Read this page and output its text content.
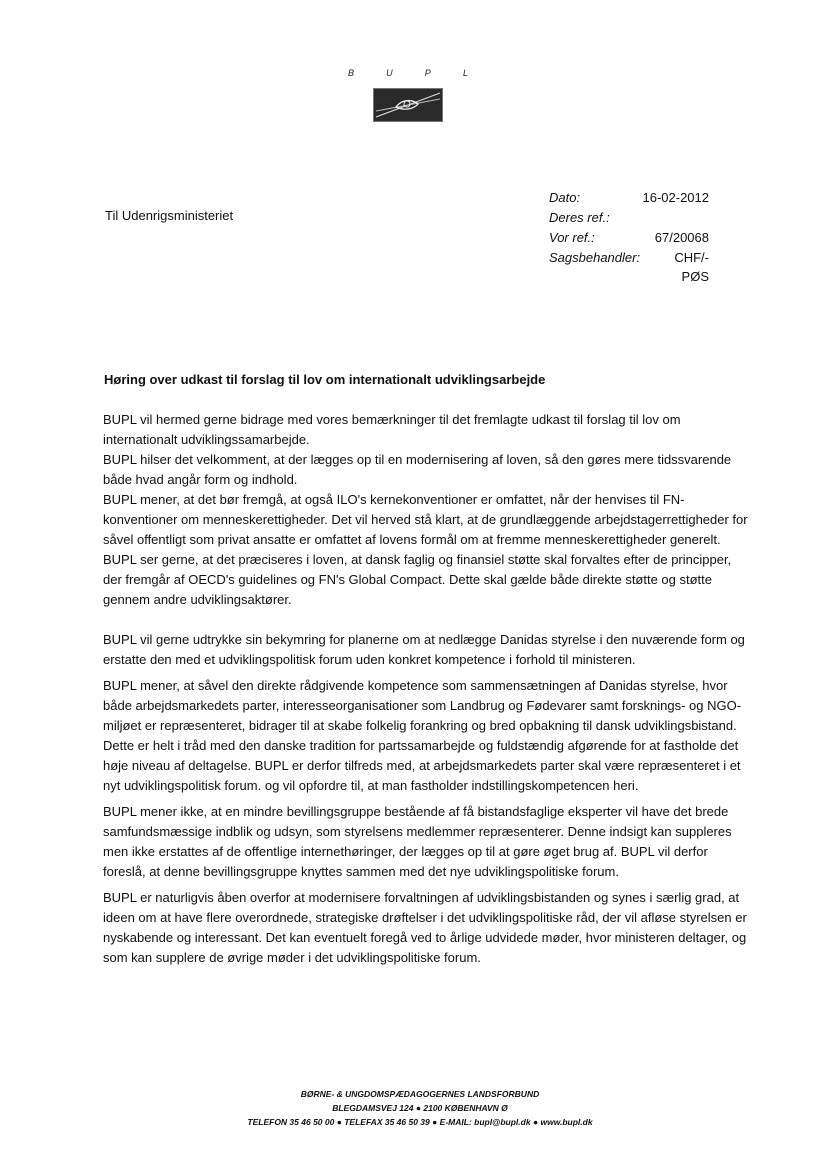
B	U	P	L
Til Udenrigsministeriet
Dato:	16-02-2012
Deres ref.:
Vor ref.:	67/20068
Sagsbehandler:	CHF/-
PØS
Høring over udkast til forslag til lov om internationalt udviklingsarbejde

BUPL vil hermed gerne bidrage med vores bemærkninger til det fremlagte udkast til forslag til lov om internationalt udviklingssamarbejde.

BUPL hilser det velkomment, at der lægges op til en modernisering af loven, så den gøres mere tidssvarende både hvad angår form og indhold.

BUPL mener, at det bør fremgå, at også ILO's kernekonventioner er omfattet, når der henvises til FN-konventioner om menneskerettigheder. Det vil herved stå klart, at de grundlæggende arbejdstagerrettigheder for såvel offentligt som privat ansatte er omfattet af lovens formål om at fremme menneskerettigheder generelt.

BUPL ser gerne, at det præciseres i loven, at dansk faglig og finansiel støtte skal forvaltes efter de principper, der fremgår af OECD's guidelines og FN's Global Compact. Dette skal gælde både direkte støtte og støtte gennem andre udviklingsaktører.

BUPL vil gerne udtrykke sin bekymring for planerne om at nedlægge Danidas styrelse i den nuværende form og erstatte den med et udviklingspolitisk forum uden konkret kompetence i forhold til ministeren.

BUPL mener, at såvel den direkte rådgivende kompetence som sammensætningen af Danidas styrelse, hvor både arbejdsmarkedets parter, interesseorganisationer som Landbrug og Fødevarer samt forsknings- og NGO-miljøet er repræsenteret, bidrager til at skabe folkelig forankring og bred opbakning til dansk udviklingsbistand. Dette er helt i tråd med den danske tradition for partssamarbejde og fuldstændig afgørende for at fastholde det høje niveau af deltagelse. BUPL er derfor tilfreds med, at arbejdsmarkedets parter skal være repræsenteret i et nyt udviklingspolitisk forum. og vil opfordre til, at man fastholder indstillingskompetencen heri.

BUPL mener ikke, at en mindre bevillingsgruppe bestående af få bistandsfaglige eksperter vil have det brede samfundsmæssige indblik og udsyn, som styrelsens medlemmer repræsenterer. Denne indsigt kan suppleres men ikke erstattes af de offentlige internethøringer, der lægges op til at gøre øget brug af. BUPL vil derfor foreslå, at denne bevillingsgruppe knyttes sammen med det nye udviklingspolitiske forum.

BUPL er naturligvis åben overfor at modernisere forvaltningen af udviklingsbistanden og synes i særlig grad, at ideen om at have flere overordnede, strategiske drøftelser i det udviklingspolitiske råd, der vil afløse styrelsen er nyskabende og interessant. Det kan eventuelt foregå ved to årlige udvidede møder, hvor ministeren deltager, og som kan supplere de øvrige møder i det udviklingspolitiske forum.

BØRNE- & UNGDOMSPÆDAGOGERNES LANDSFORBUND
BLEGDAMSVEJ 124 ● 2100 KØBENHAVN Ø
TELEFON 35 46 50 00 ● TELEFAX 35 46 50 39 ● E-MAIL: bupl@bupl.dk ● www.bupl.dk
